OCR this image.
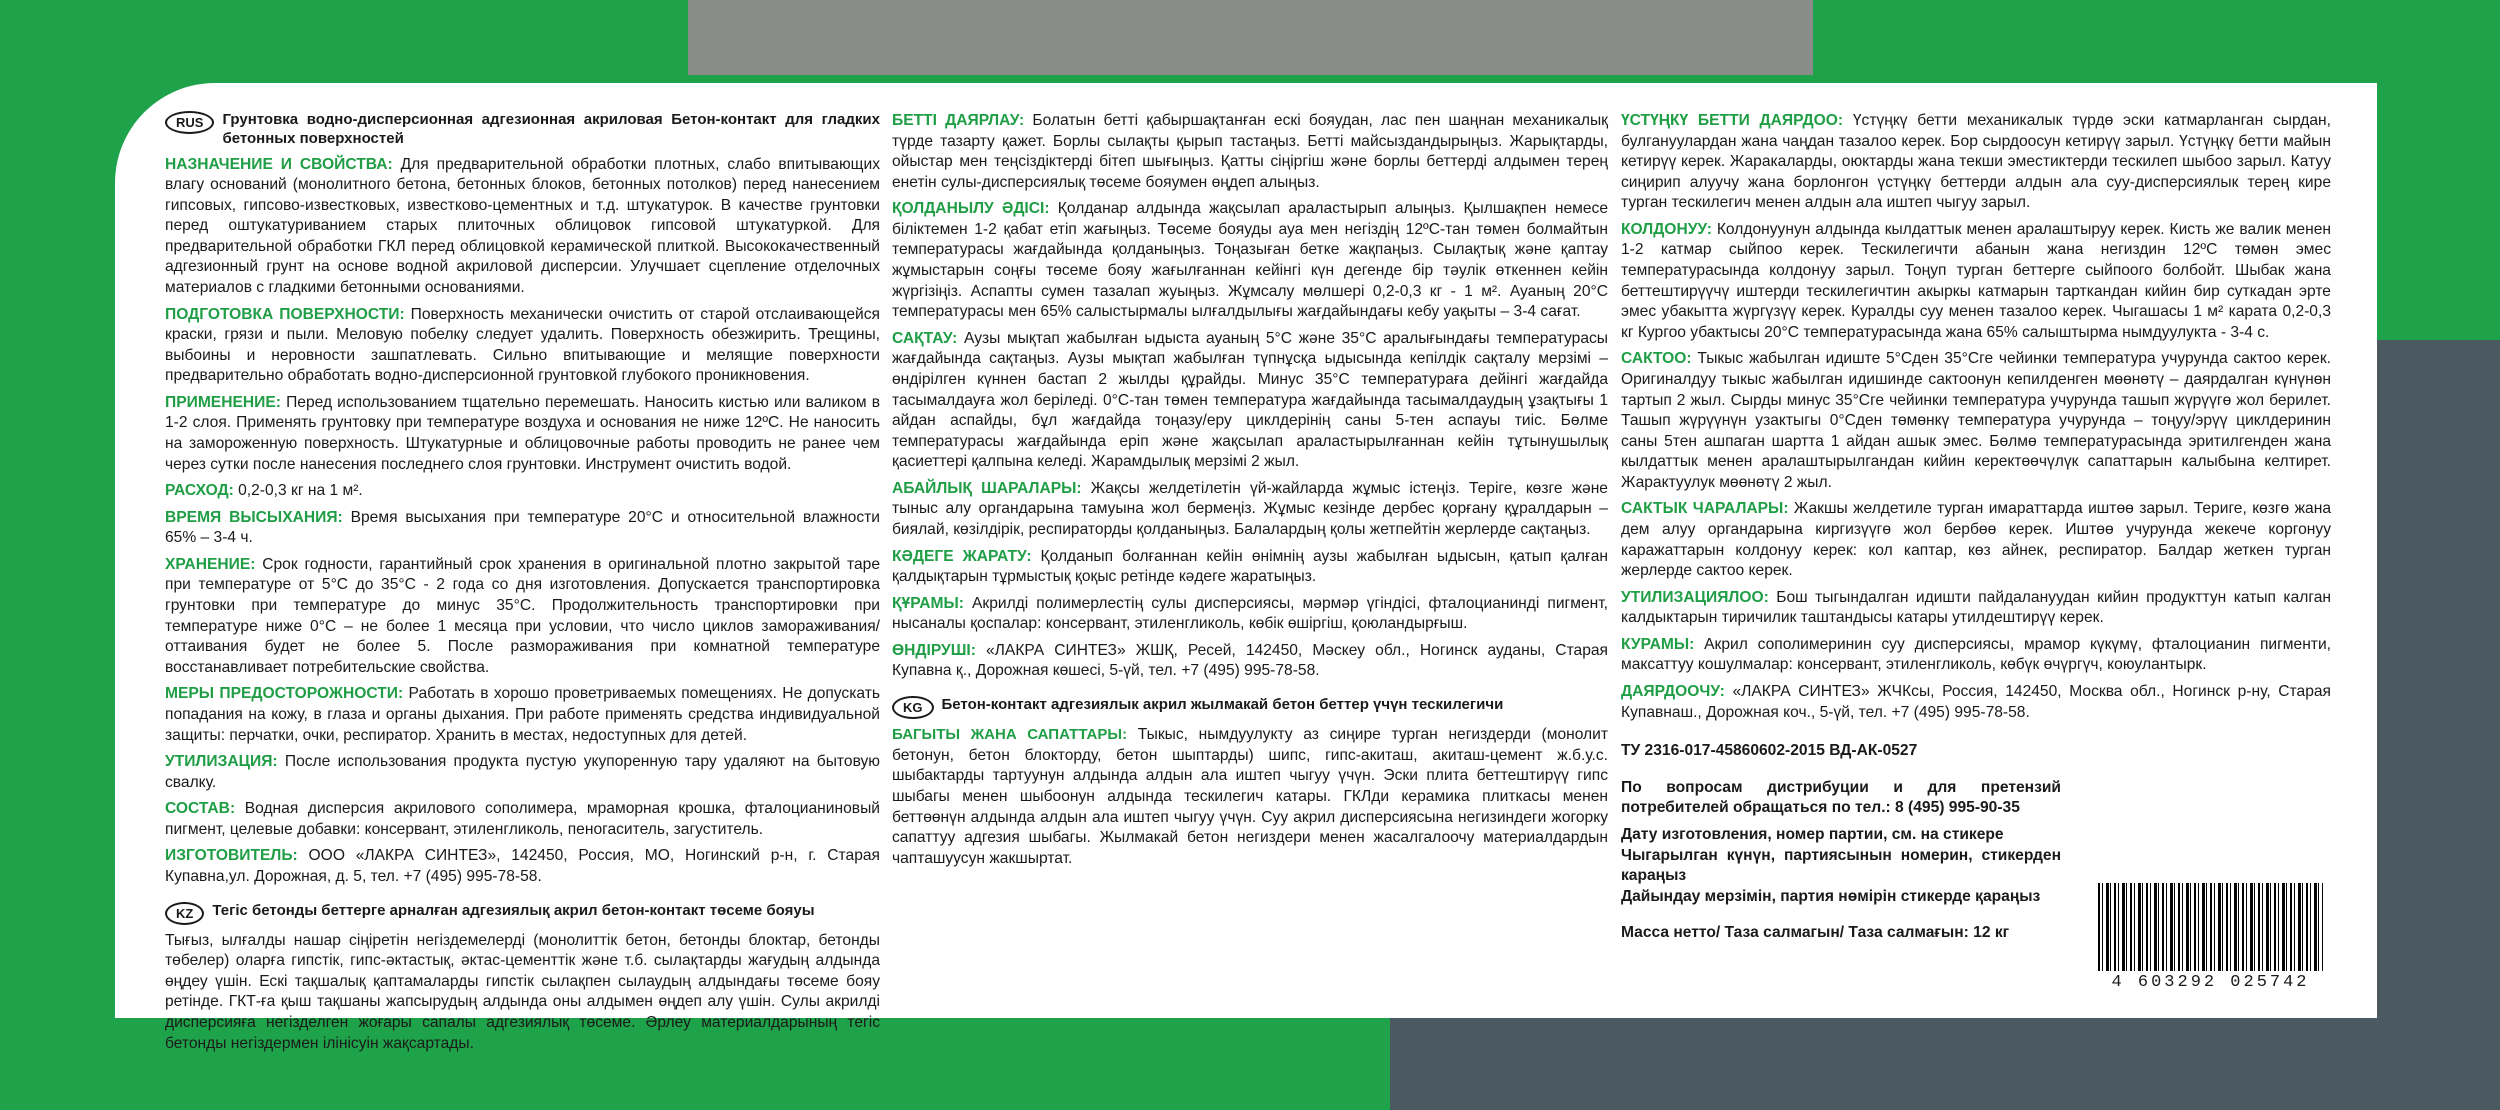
RUS	Грунтовка водно-дисперсионная адгезионная акриловая Бетон-контакт для гладких бетонных поверхностей

НАЗНАЧЕНИЕ И СВОЙСТВА: Для предварительной обработки плотных, слабо впитывающих влагу оснований (монолитного бетона, бетонных блоков, бетонных потолков) перед нанесением гипсовых, гипсово-известковых, известково-цементных и т.д. штукатурок. В качестве грунтовки перед оштукатуриванием старых плиточных облицовок гипсовой штукатуркой. Для предварительной обработки ГКЛ перед облицовкой керамической плиткой. Высококачественный адгезионный грунт на основе водной акриловой дисперсии. Улучшает сцепление отделочных материалов с гладкими бетонными основаниями.

ПОДГОТОВКА ПОВЕРХНОСТИ: Поверхность механически очистить от старой отслаивающейся краски, грязи и пыли. Меловую побелку следует удалить. Поверхность обезжирить. Трещины, выбоины и неровности зашпатлевать. Сильно впитывающие и мелящие поверхности предварительно обработать водно-дисперсионной грунтовкой глубокого проникновения.

ПРИМЕНЕНИЕ: Перед использованием тщательно перемешать. Наносить кистью или валиком в 1-2 слоя. Применять грунтовку при температуре воздуха и основания не ниже 12ºС. Не наносить на замороженную поверхность. Штукатурные и облицовочные работы проводить не ранее чем через сутки после нанесения последнего слоя грунтовки. Инструмент очистить водой.

РАСХОД: 0,2-0,3 кг на 1 м².

ВРЕМЯ ВЫСЫХАНИЯ: Время высыхания при температуре 20°С и относительной влажности 65% – 3-4 ч.

ХРАНЕНИЕ: Срок годности, гарантийный срок хранения в оригинальной плотно закрытой таре при температуре от 5°С до 35°С - 2 года со дня изготовления. Допускается транспортировка грунтовки при температуре до минус 35°С. Продолжительность транспортировки при температуре ниже 0°С – не более 1 месяца при условии, что число циклов замораживания/оттаивания будет не более 5. После размораживания при комнатной температуре восстанавливает потребительские свойства.

МЕРЫ ПРЕДОСТОРОЖНОСТИ: Работать в хорошо проветриваемых помещениях. Не допускать попадания на кожу, в глаза и органы дыхания. При работе применять средства индивидуальной защиты: перчатки, очки, респиратор. Хранить в местах, недоступных для детей.

УТИЛИЗАЦИЯ: После использования продукта пустую укупоренную тару удаляют на бытовую свалку.

СОСТАВ: Водная дисперсия акрилового сополимера, мраморная крошка, фталоцианиновый пигмент, целевые добавки: консервант, этиленгликоль, пеногаситель, загуститель.

ИЗГОТОВИТЕЛЬ: ООО «ЛАКРА СИНТЕЗ», 142450, Россия, МО, Ногинский р-н, г. Старая Купавна,ул. Дорожная, д. 5, тел. +7 (495) 995-78-58.

KZ	Тегіс бетонды беттерге арналған адгезиялық акрил бетон-контакт төсеме бояуы

Тығыз, ылғалды нашар сіңіретін негіздемелерді (монолиттік бетон, бетонды блоктар, бетонды төбелер) оларға гипстік, гипс-әктастық, әктас-цементтік және т.б. сылақтарды жағудың алдында өңдеу үшін. Ескі тақшалық қаптамаларды гипстік сылақпен сылаудың алдындағы төсеме бояу ретінде. ГКТ-ға қыш тақшаны жапсырудың алдында оны алдымен өңдеп алу үшін. Сулы акрилді дисперсияға негізделген жоғары сапалы адгезиялық төсеме. Әрлеу материалдарының тегіс бетонды негіздермен ілінісуін жақсартады.

БЕТТІ ДАЯРЛАУ: Болатын бетті қабыршақтанған ескі бояудан, лас пен шаңнан механикалық түрде тазарту қажет. Борлы сылақты қырып тастаңыз. Бетті майсыздандырыңыз. Жарықтарды, ойыстар мен теңсіздіктерді бітеп шығыңыз. Қатты сіңіргіш және борлы беттерді алдымен терең енетін сулы-дисперсиялық төсеме бояумен өңдеп алыңыз.

ҚОЛДАНЫЛУ ӘДІСІ: Қолданар алдында жақсылап араластырып алыңыз. Қылшақпен немесе біліктемен 1-2 қабат етіп жағыңыз. Төсеме бояуды ауа мен негіздің 12ºС-тан төмен болмайтын температурасы жағдайында қолданыңыз. Тоңазыған бетке жақпаңыз. Сылақтық және қаптау жұмыстарын соңғы төсеме бояу жағылғаннан кейінгі күн дегенде бір тәулік өткеннен кейін жүргізіңіз. Аспапты сумен тазалап жуыңыз. Жұмсалу мөлшері 0,2-0,3 кг - 1 м². Ауаның 20°С температурасы мен 65% салыстырмалы ылғалдылығы жағдайындағы кебу уақыты – 3-4 сағат.

САҚТАУ: Аузы мықтап жабылған ыдыста ауаның 5°С және 35°С аралығындағы температурасы жағдайында сақтаңыз. Аузы мықтап жабылған түпнұсқа ыдысында кепілдік сақталу мерзімі – өндірілген күннен бастап 2 жылды құрайды. Минус 35°С температураға дейінгі жағдайда тасымалдауға жол беріледі. 0°С-тан төмен температура жағдайында тасымалдаудың ұзақтығы 1 айдан аспайды, бұл жағдайда тоңазу/еру циклдерінің саны 5-тен аспауы тиіс. Бөлме температурасы жағдайында еріп және жақсылап араластырылғаннан кейін тұтынушылық қасиеттері қалпына келеді. Жарамдылық мерзімі 2 жыл.

АБАЙЛЫҚ ШАРАЛАРЫ: Жақсы желдетілетін үй-жайларда жұмыс істеңіз. Теріге, көзге және тыныс алу органдарына тамуына жол бермеңіз. Жұмыс кезінде дербес қорғану құралдарын – биялай, көзілдірік, респираторды қолданыңыз. Балалардың қолы жетпейтін жерлерде сақтаңыз.

КӘДЕГЕ ЖАРАТУ: Қолданып болғаннан кейін өнімнің аузы жабылған ыдысын, қатып қалған қалдықтарын тұрмыстық қоқыс ретінде кәдеге жаратыңыз.

ҚҰРАМЫ: Акрилді полимерлестің сулы дисперсиясы, мәрмәр үгіндісі, фталоцианинді пигмент, нысаналы қоспалар: консервант, этиленгликоль, көбік өшіргіш, қоюландырғыш.

ӨНДІРУШІ: «ЛАКРА СИНТЕЗ» ЖШҚ, Ресей, 142450, Мәскеу обл., Ногинск ауданы, Старая Купавна қ., Дорожная көшесі, 5-үй, тел. +7 (495) 995-78-58.

KG	Бетон-контакт адгезиялык акрил жылмакай бетон беттер үчүн тескилегичи

БАГЫТЫ ЖАНА САПАТТАРЫ: Тыкыс, нымдуулукту аз сиңире турган негиздерди (монолит бетонун, бетон блокторду, бетон шыптарды) шипс, гипс-акиташ, акиташ-цемент ж.б.у.с. шыбактарды тартуунун алдында алдын ала иштеп чыгуу үчүн. Эски плита беттештирүү гипс шыбагы менен шыбоонун алдында тескилегич катары. ГКЛди керамика плиткасы менен беттөөнүн алдында алдын ала иштеп чыгуу үчүн. Суу акрил дисперсиясына негизиндеги жогорку сапаттуу адгезия шыбагы. Жылмакай бетон негиздери менен жасалгалоочу материалдардын чапташуусун жакшыртат.

ҮСТҮҢКҮ БЕТТИ ДАЯРДОО: Үстүңкү бетти механикалык түрдө эски катмарланган сырдан, булгануулардан жана чаңдан тазалоо керек. Бор сырдоосун кетирүү зарыл. Үстүңкү бетти майын кетирүү керек. Жаракаларды, оюктарды жана текши эместиктерди тескилеп шыбоо зарыл. Катуу сиңирип алуучу жана борлонгон үстүңкү беттерди алдын ала суу-дисперсиялык терең кире турган тескилегич менен алдын ала иштеп чыгуу зарыл.

КОЛДОНУУ: Колдонуунун алдында кылдаттык менен аралаштыруу керек. Кисть же валик менен 1-2 катмар сыйпоо керек. Тескилегичти абанын жана негиздин 12ºС төмөн эмес температурасында колдонуу зарыл. Тоңуп турган беттерге сыйпоого болбойт. Шыбак жана беттештирүүчү иштерди тескилегичтин акыркы катмарын тарткандан кийин бир суткадан эрте эмес убакытта жүргүзүү керек. Куралды суу менен тазалоо керек. Чыгашасы 1 м² карата 0,2-0,3 кг Кургоо убактысы 20°С температурасында жана 65% салыштырма нымдуулукта - 3-4 с.

САКТОО: Тыкыс жабылган идиште 5°Сден 35°Сге чейинки температура учурунда сактоо керек. Оригиналдуу тыкыс жабылган идишинде сактоонун кепилденген мөөнөтү – даярдалган күнүнөн тартып 2 жыл. Сырды минус 35°Сге чейинки температура учурунда ташып жүрүүгө жол берилет. Ташып жүрүүнүн узактыгы 0°Сден төмөнкү температура учурунда – тоңуу/эрүү циклдеринин саны 5тен ашпаган шартта 1 айдан ашык эмес. Бөлмө температурасында эритилгенден жана кылдаттык менен аралаштырылгандан кийин керектөөчүлүк сапаттарын калыбына келтирет. Жарактуулук мөөнөтү 2 жыл.

САКТЫК ЧАРАЛАРЫ: Жакшы желдетиле турган имараттарда иштөө зарыл. Териге, көзгө жана дем алуу органдарына киргизүүгө жол бербөө керек. Иштөө учурунда жекече коргонуу каражаттарын колдонуу керек: кол каптар, көз айнек, респиратор. Балдар жеткен турган жерлерде сактоо керек.

УТИЛИЗАЦИЯЛОО: Бош тыгындалган идишти пайдалануудан кийин продукттун катып калган калдыктарын тиричилик таштандысы катары утилдештирүү керек.

КУРАМЫ: Акрил сополимеринин суу дисперсиясы, мрамор күкүмү, фталоцианин пигменти, максаттуу кошулмалар: консервант, этиленгликоль, көбүк өчүргүч, коюулантырк.

ДАЯРДООЧУ: «ЛАКРА СИНТЕЗ» ЖЧКсы, Россия, 142450, Москва обл., Ногинск р-ну, Старая Купавнаш., Дорожная коч., 5-үй, тел. +7 (495) 995-78-58.

ТУ 2316-017-45860602-2015 ВД-АК-0527

По вопросам дистрибуции и для претензий потребителей обращаться по тел.: 8 (495) 995-90-35

Дату изготовления, номер партии, см. на стикере

Чыгарылган күнүн, партиясынын номерин, стикерден караңыз

Дайындау мерзімін, партия нөмірін стикерде қараңыз

Масса нетто/ Таза салмагын/ Таза салмағын: 12 кг

4 603292 025742
